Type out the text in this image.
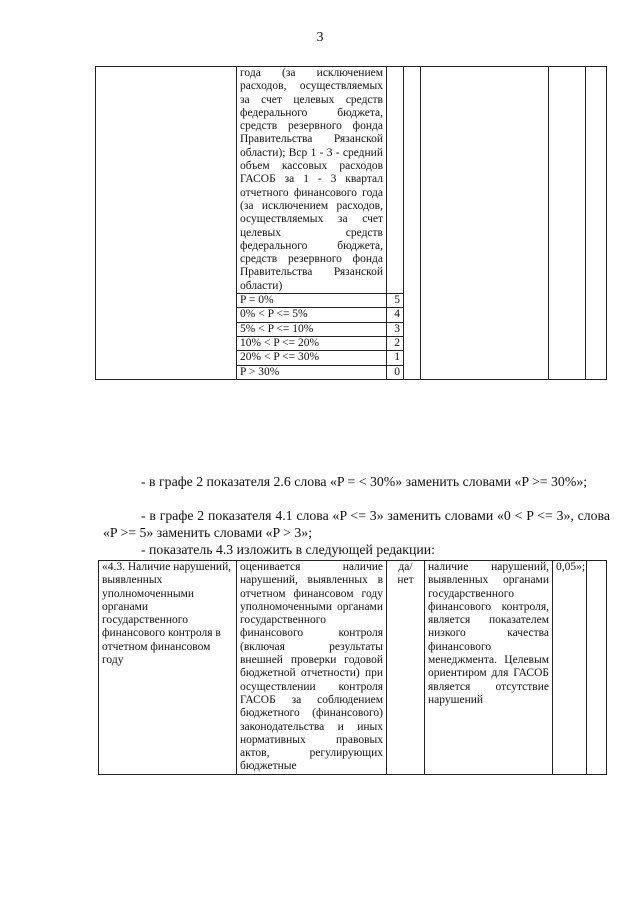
3

	года (за исключением расходов, осуществляемых за счет целевых средств федерального бюджета, средств резервного фонда Правительства Рязанской области); Вср 1 - 3 - средний объем кассовых расходов ГАСОБ за 1 - 3 квартал отчетного финансового года (за исключением расходов, осуществляемых за счет целевых средств федерального бюджета, средств резервного фонда Правительства Рязанской области)					

	P = 0%	5				
	0% < P <= 5%	4				
	5% < P <= 10%	3				
	10% < P <= 20%	2				
	20% < P <= 30%	1				
	P > 30%	0				
- в графе 2 показателя 2.6 слова «P = < 30%» заменить словами «P >= 30%»;
- в графе 2 показателя 4.1 слова «P <= 3» заменить словами «0 < P <= 3», слова «P >= 5» заменить словами «P > 3»;
- показатель 4.3 изложить в следующей редакции:
«4.3. Наличие нарушений, выявленных уполномоченными органами государственного финансового контроля в отчетном финансовом году	оценивается наличие нарушений, выявленных в отчетном финансовом году уполномоченными органами государственного финансового контроля (включая результаты внешней проверки годовой бюджетной отчетности) при осуществлении контроля ГАСОБ за соблюдением бюджетного (финансового) законодательства и иных нормативных правовых актов, регулирующих бюджетные	да/ нет	наличие нарушений, выявленных органами государственного финансового контроля, является показателем низкого качества финансового менеджмента. Целевым ориентиром для ГАСОБ является отсутствие нарушений	0,05»;	
